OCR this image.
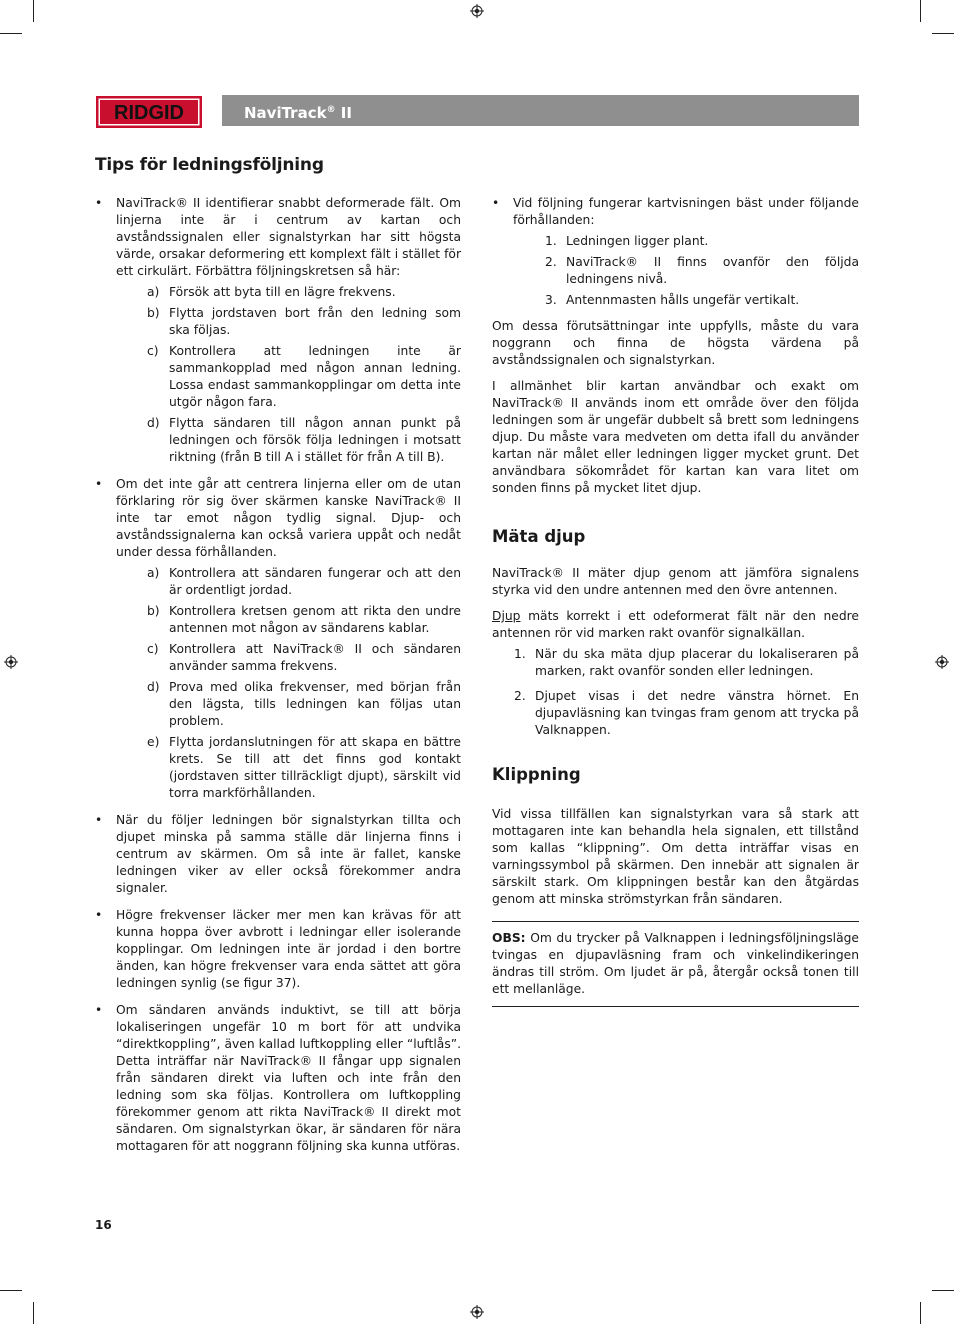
RIDGID	NaviTrack® II
Tips för ledningsföljning
• NaviTrack® II identifierar snabbt deformerade fält. Om linjerna inte är i centrum av kartan och avståndssignalen eller signalstyrkan har sitt högsta värde, orsakar deformering ett komplext fält i stället för ett cirkulärt. Förbättra följningskretsen så här:
a) Försök att byta till en lägre frekvens.
b) Flytta jordstaven bort från den ledning som ska följas.
c) Kontrollera att ledningen inte är sammankopplad med någon annan ledning. Lossa endast sammankopplingar om detta inte utgör någon fara.
d) Flytta sändaren till någon annan punkt på ledningen och försök följa ledningen i motsatt riktning (från B till A i stället för från A till B).
• Om det inte går att centrera linjerna eller om de utan förklaring rör sig över skärmen kanske NaviTrack® II inte tar emot någon tydlig signal. Djup- och avståndssignalerna kan också variera uppåt och nedåt under dessa förhållanden.
a) Kontrollera att sändaren fungerar och att den är ordentligt jordad.
b) Kontrollera kretsen genom att rikta den undre antennen mot någon av sändarens kablar.
c) Kontrollera att NaviTrack® II och sändaren använder samma frekvens.
d) Prova med olika frekvenser, med början från den lägsta, tills ledningen kan följas utan problem.
e) Flytta jordanslutningen för att skapa en bättre krets. Se till att det finns god kontakt (jordstaven sitter tillräckligt djupt), särskilt vid torra markförhållanden.
• När du följer ledningen bör signalstyrkan tillta och djupet minska på samma ställe där linjerna finns i centrum av skärmen. Om så inte är fallet, kanske ledningen viker av eller också förekommer andra signaler.
• Högre frekvenser läcker mer men kan krävas för att kunna hoppa över avbrott i ledningar eller isolerande kopplingar. Om ledningen inte är jordad i den bortre änden, kan högre frekvenser vara enda sättet att göra ledningen synlig (se figur 37).
• Om sändaren används induktivt, se till att börja lokaliseringen ungefär 10 m bort för att undvika “direktkoppling”, även kallad luftkoppling eller “luftlås”. Detta inträffar när NaviTrack® II fångar upp signalen från sändaren direkt via luften och inte från den ledning som ska följas. Kontrollera om luftkoppling förekommer genom att rikta NaviTrack® II direkt mot sändaren. Om signalstyrkan ökar, är sändaren för nära mottagaren för att noggrann följning ska kunna utföras.
• Vid följning fungerar kartvisningen bäst under följande förhållanden:
1. Ledningen ligger plant.
2. NaviTrack® II finns ovanför den följda ledningens nivå.
3. Antennmasten hålls ungefär vertikalt.

Om dessa förutsättningar inte uppfylls, måste du vara noggrann och finna de högsta värdena på avståndssignalen och signalstyrkan.

I allmänhet blir kartan användbar och exakt om NaviTrack® II används inom ett område över den följda ledningen som är ungefär dubbelt så brett som ledningens djup. Du måste vara medveten om detta ifall du använder kartan när målet eller ledningen ligger mycket grunt. Det användbara sökområdet för kartan kan vara litet om sonden finns på mycket litet djup.

Mäta djup

NaviTrack® II mäter djup genom att jämföra signalens styrka vid den undre antennen med den övre antennen.

Djup mäts korrekt i ett odeformerat fält när den nedre antennen rör vid marken rakt ovanför signalkällan.

1. När du ska mäta djup placerar du lokaliseraren på marken, rakt ovanför sonden eller ledningen.
2. Djupet visas i det nedre vänstra hörnet. En djupavläsning kan tvingas fram genom att trycka på Valknappen.
Klippning

Vid vissa tillfällen kan signalstyrkan vara så stark att mottagaren inte kan behandla hela signalen, ett tillstånd som kallas “klippning”. Om detta inträffar visas en varningssymbol på skärmen. Den innebär att signalen är särskilt stark. Om klippningen består kan den åtgärdas genom att minska strömstyrkan från sändaren.

OBS: Om du trycker på Valknappen i ledningsföljningsläge tvingas en djupavläsning fram och vinkelindikeringen ändras till ström. Om ljudet är på, återgår också tonen till ett mellanläge.

16
